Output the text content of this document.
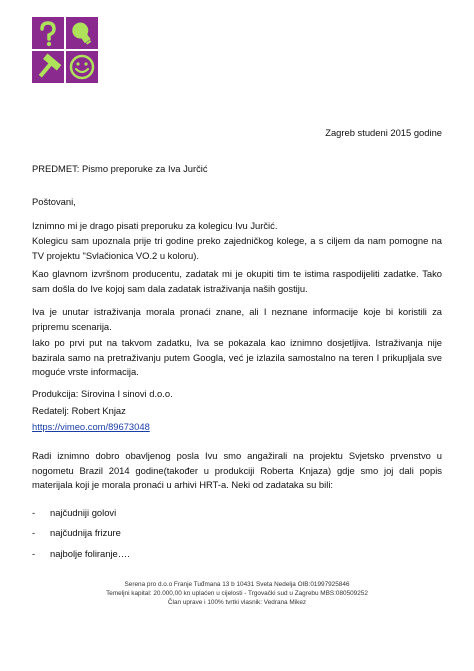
Zagreb studeni 2015 godine
PREDMET: Pismo preporuke za Iva Jurčić
Poštovani,
Iznimno mi je drago pisati preporuku za kolegicu Ivu Jurčić.

Kolegicu sam upoznala prije tri godine preko zajedničkog kolege, a s ciljem da nam pomogne na TV projektu "Svlačionica VO.2 u koloru).

Kao glavnom izvršnom producentu, zadatak mi je okupiti tim te istima raspodijeliti zadatke. Tako sam došla do Ive kojoj sam dala zadatak istraživanja naših gostiju.

Iva je unutar istraživanja morala pronaći znane, ali I neznane informacije koje bi koristili za pripremu scenarija.

Iako po prvi put na takvom zadatku, Iva se pokazala kao iznimno dosjetljiva. Istraživanja nije bazirala samo na pretraživanju putem Googla, već je izlazila samostalno na teren I prikupljala sve moguće vrste informacija.

Produkcija: Sirovina I sinovi d.o.o.
Redatelj: Robert Knjaz
https://vimeo.com/89673048

Radi iznimno dobro obavljenog posla Ivu smo angažirali na projektu Svjetsko prvenstvo u nogometu Brazil 2014 godine(također u produkciji Roberta Knjaza) gdje smo joj dali popis materijala koji je morala pronaći u arhivi HRT-a. Neki od zadataka su bili:

- najčudniji golovi
- najčudnija frizure
- najbolje foliranje….
Serena pro d.o.o Franje Tuđmana 13 b 10431 Sveta Nedelja OIB:01997925846
Temeljni kapital: 20.000,00 kn uplaćen u cijelosti - Trgovački sud u Zagrebu MBS:080509252
Član uprave i 100% tvrtki vlasnik: Vedrana Mikez
